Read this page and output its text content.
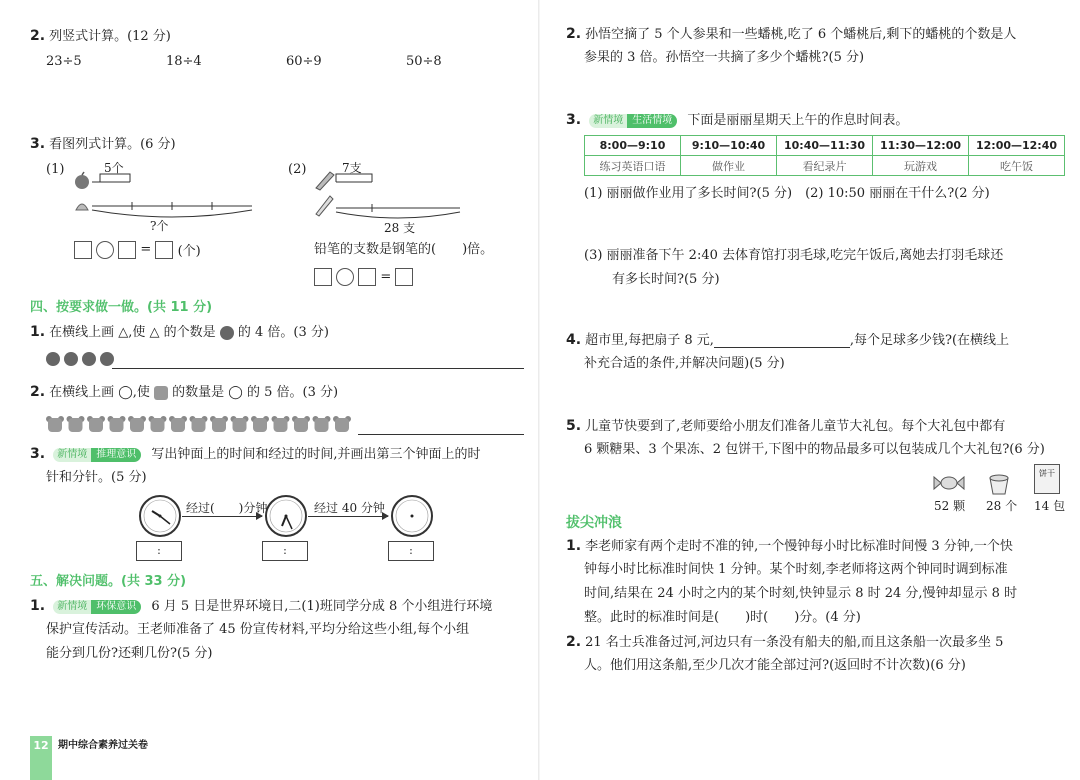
2. 列竖式计算。(12 分)
23÷5	18÷4	60÷9	50÷8
3. 看图列式计算。(6 分)
(1)	5个
?个
= (个)
(2)	7支
28 支
铅笔的支数是钢笔的(　　)倍。
=
四、按要求做一做。(共 11 分)
1. 在横线上画 △,使 △ 的个数是 的 4 倍。(3 分)

2. 在横线上画 ◯,使 的数量是 ◯ 的 5 倍。(3 分)
3. 新情境 推理意识 写出钟面上的时间和经过的时间,并画出第三个钟面上的时
针和分针。(5 分)
经过(　　)分钟	经过 40 分钟
:	:	:
五、解决问题。(共 33 分)
1. 新情境 环保意识 6 月 5 日是世界环境日,二(1)班同学分成 8 个小组进行环境
保护宣传活动。王老师准备了 45 份宣传材料,平均分给这些小组,每个小组
能分到几份?还剩几份?(5 分)
12 期中综合素养过关卷
2. 孙悟空摘了 5 个人参果和一些蟠桃,吃了 6 个蟠桃后,剩下的蟠桃的个数是人
参果的 3 倍。孙悟空一共摘了多少个蟠桃?(5 分)
3. 新情境 生活情境 下面是丽丽星期天上午的作息时间表。
8:00—9:10	9:10—10:40	10:40—11:30	11:30—12:00	12:00—12:40
练习英语口语	做作业	看纪录片	玩游戏	吃午饭
(1) 丽丽做作业用了多长时间?(5 分)　(2) 10:50 丽丽在干什么?(2 分)
(3) 丽丽准备下午 2:40 去体育馆打羽毛球,吃完午饭后,离她去打羽毛球还
有多长时间?(5 分)
4. 超市里,每把扇子 8 元,	,每个足球多少钱?(在横线上
补充合适的条件,并解决问题)(5 分)
5. 儿童节快要到了,老师要给小朋友们准备儿童节大礼包。每个大礼包中都有
6 颗糖果、3 个果冻、2 包饼干,下图中的物品最多可以包装成几个大礼包?(6 分)
饼干
52 颗 28 个 14 包
拔尖冲浪
1. 李老师家有两个走时不准的钟,一个慢钟每小时比标准时间慢 3 分钟,一个快
钟每小时比标准时间快 1 分钟。某个时刻,李老师将这两个钟同时调到标准
时间,结果在 24 小时之内的某个时刻,快钟显示 8 时 24 分,慢钟却显示 8 时
整。此时的标准时间是(　　)时(　　)分。(4 分)
2. 21 名士兵准备过河,河边只有一条没有船夫的船,而且这条船一次最多坐 5
人。他们用这条船,至少几次才能全部过河?(返回时不计次数)(6 分)
